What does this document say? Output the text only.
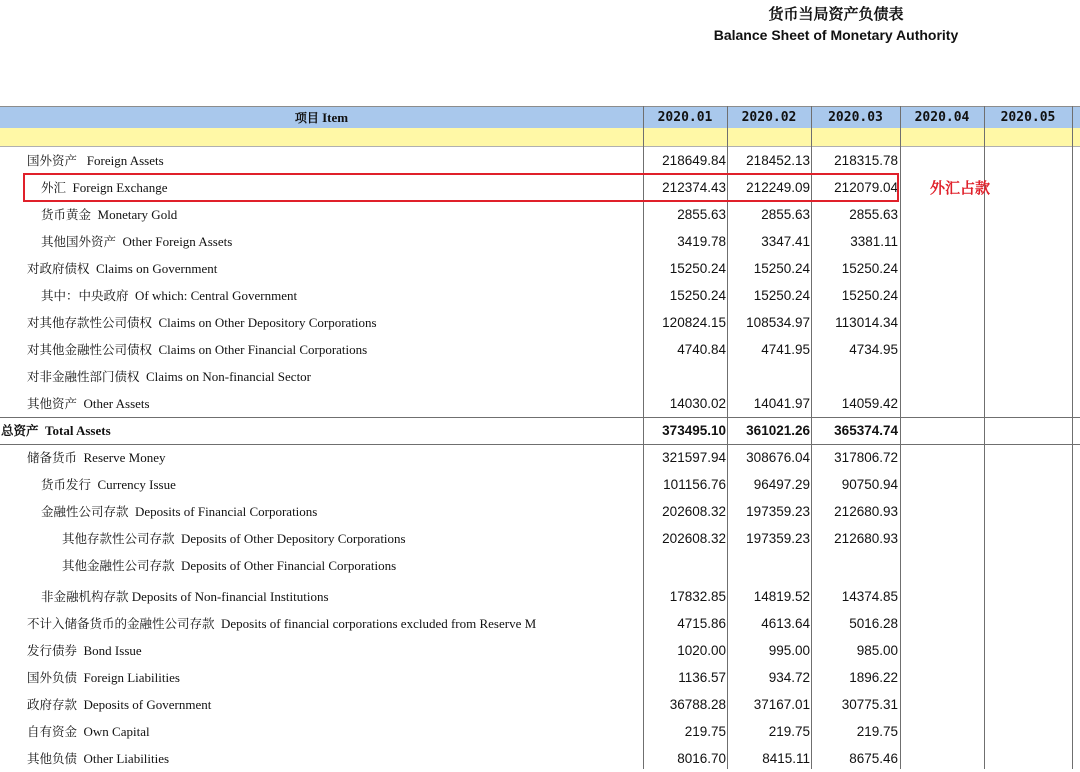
货币当局资产负债表
Balance Sheet of Monetary Authority
项目 Item	2020.01	2020.02	2020.03	2020.04	2020.05
国外资产 Foreign Assets	218649.84	218452.13	218315.78
外汇 Foreign Exchange	212374.43	212249.09	212079.04
货币黄金 Monetary Gold	2855.63	2855.63	2855.63
其他国外资产 Other Foreign Assets	3419.78	3347.41	3381.11
对政府债权 Claims on Government	15250.24	15250.24	15250.24
其中：中央政府 Of which: Central Government	15250.24	15250.24	15250.24
对其他存款性公司债权 Claims on Other Depository Corporations	120824.15	108534.97	113014.34
对其他金融性公司债权 Claims on Other Financial Corporations	4740.84	4741.95	4734.95
对非金融性部门债权 Claims on Non-financial Sector
其他资产 Other Assets	14030.02	14041.97	14059.42
总资产 Total Assets	373495.10	361021.26	365374.74
储备货币 Reserve Money	321597.94	308676.04	317806.72
货币发行 Currency Issue	101156.76	96497.29	90750.94
金融性公司存款 Deposits of Financial Corporations	202608.32	197359.23	212680.93
其他存款性公司存款 Deposits of Other Depository Corporations	202608.32	197359.23	212680.93
其他金融性公司存款 Deposits of Other Financial Corporations
非金融机构存款 Deposits of Non-financial Institutions	17832.85	14819.52	14374.85
不计入储备货币的金融性公司存款 Deposits of financial corporations excluded from Reserve M	4715.86	4613.64	5016.28
发行债券 Bond Issue	1020.00	995.00	985.00
国外负债 Foreign Liabilities	1136.57	934.72	1896.22
政府存款 Deposits of Government	36788.28	37167.01	30775.31
自有资金 Own Capital	219.75	219.75	219.75
其他负债 Other Liabilities	8016.70	8415.11	8675.46
外汇占款
